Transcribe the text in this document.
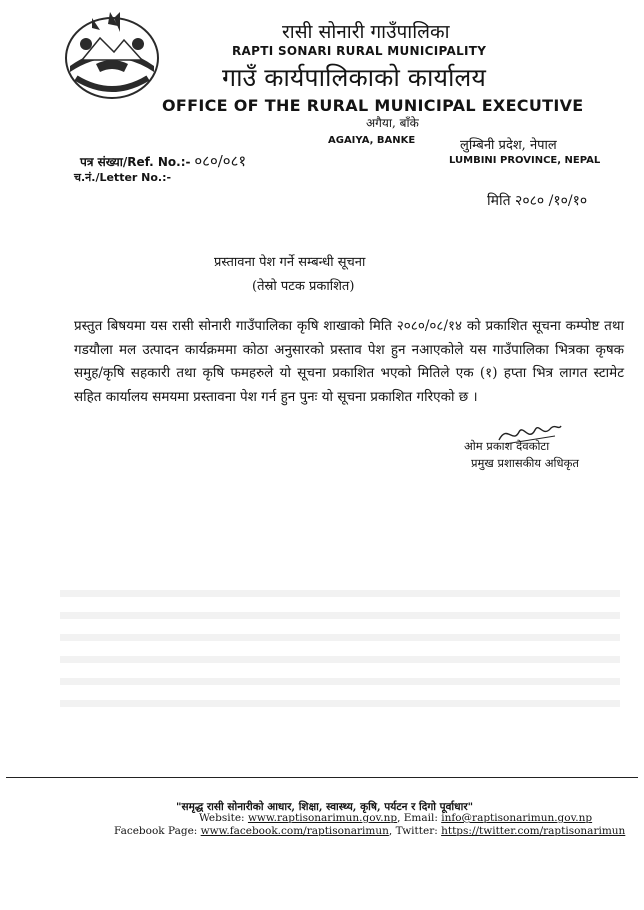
रासी सोनारी गाउँपालिका
RAPTI SONARI RURAL MUNICIPALITY
गाउँ कार्यपालिकाको कार्यालय
OFFICE OF THE RURAL MUNICIPAL EXECUTIVE
अगैया, बाँके
AGAIYA, BANKE	लुम्बिनी प्रदेश, नेपाल
LUMBINI PROVINCE, NEPAL
पत्र संख्या/Ref. No.:- ०८०/०८१
च.नं./Letter No.:-
मिति २०८० /१०/१०
प्रस्तावना पेश गर्ने सम्बन्धी सूचना
(तेस्रो पटक प्रकाशित)
प्रस्तुत बिषयमा यस रासी सोनारी गाउँपालिका कृषि शाखाको मिति २०८०/०८/१४ को प्रकाशित सूचना कम्पोष्ट तथा गडयौला मल उत्पादन कार्यक्रममा कोठा अनुसारको प्रस्ताव पेश हुन नआएकोले यस गाउँपालिका भित्रका कृषक समुह/कृषि सहकारी तथा कृषि फमहरुले यो सूचना प्रकाशित भएको मितिले एक (१) हप्ता भित्र लागत स्टामेट सहित कार्यालय समयमा प्रस्तावना पेश गर्न हुन पुनः यो सूचना प्रकाशित गरिएको छ ।
ओम प्रकाश देवकोटा
प्रमुख प्रशासकीय अधिकृत
"समृद्ध रासी सोनारीको आधार, शिक्षा, स्वास्थ्य, कृषि, पर्यटन र दिगो पूर्वाधार"
Website: www.raptisonarimun.gov.np, Email: info@raptisonarimun.gov.np
Facebook Page: www.facebook.com/raptisonarimun, Twitter: https://twitter.com/raptisonarimun
